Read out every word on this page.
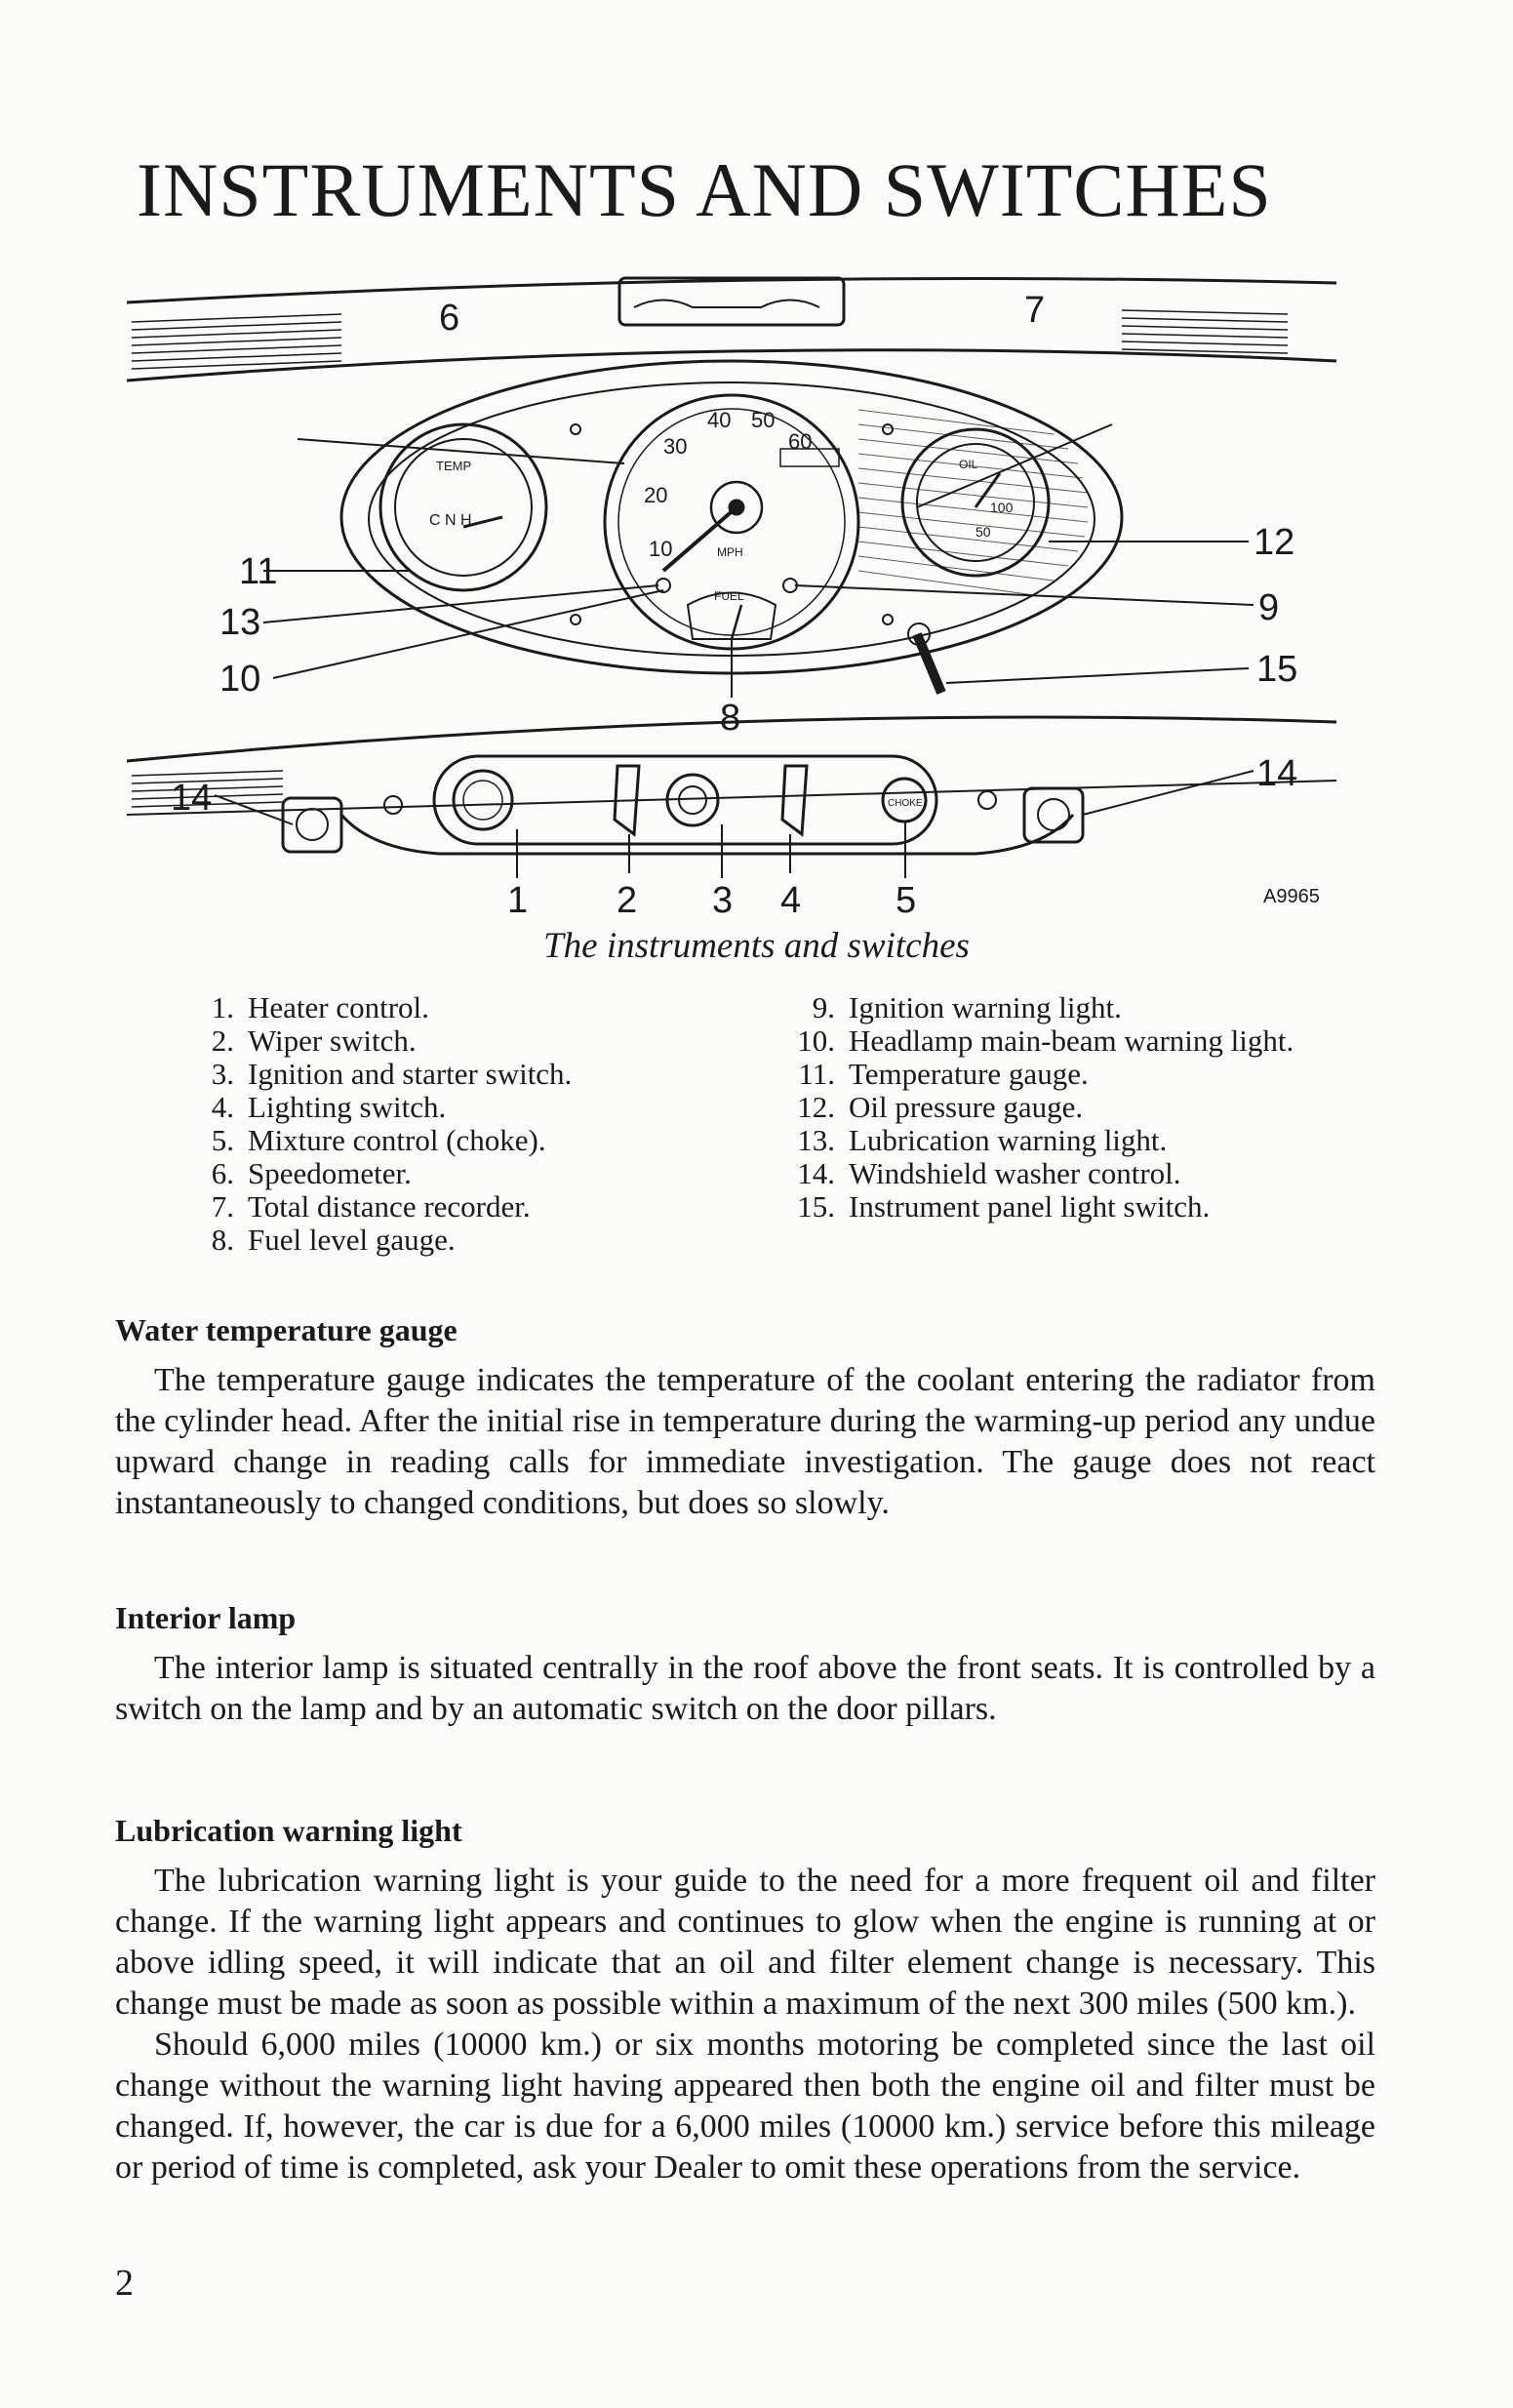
INSTRUMENTS AND SWITCHES
TEMP
C N H
OIL
100
50
MPH
FUEL
CHOKE
10
20
30
40 50
60
6	7
11
12
13	9
10	15
8
14
1 2 3 4	5
14
A9965
The instruments and switches
1. Heater control.
2. Wiper switch.
3. Ignition and starter switch.
4. Lighting switch.
5. Mixture control (choke).
6. Speedometer.
7. Total distance recorder.
8. Fuel level gauge.
9. Ignition warning light.
10. Headlamp main-beam warning light.
11. Temperature gauge.
12. Oil pressure gauge.
13. Lubrication warning light.
14. Windshield washer control.
15. Instrument panel light switch.
Water temperature gauge

The temperature gauge indicates the temperature of the coolant entering the radiator from the cylinder head. After the initial rise in temperature during the warming-up period any undue upward change in reading calls for immediate investigation. The gauge does not react instantaneously to changed conditions, but does so slowly.

Interior lamp

The interior lamp is situated centrally in the roof above the front seats. It is controlled by a switch on the lamp and by an automatic switch on the door pillars.

Lubrication warning light

The lubrication warning light is your guide to the need for a more frequent oil and filter change. If the warning light appears and continues to glow when the engine is running at or above idling speed, it will indicate that an oil and filter element change is necessary. This change must be made as soon as possible within a maximum of the next 300 miles (500 km.).

Should 6,000 miles (10000 km.) or six months motoring be completed since the last oil change without the warning light having appeared then both the engine oil and filter must be changed. If, however, the car is due for a 6,000 miles (10000 km.) service before this mileage or period of time is completed, ask your Dealer to omit these operations from the service.

2
